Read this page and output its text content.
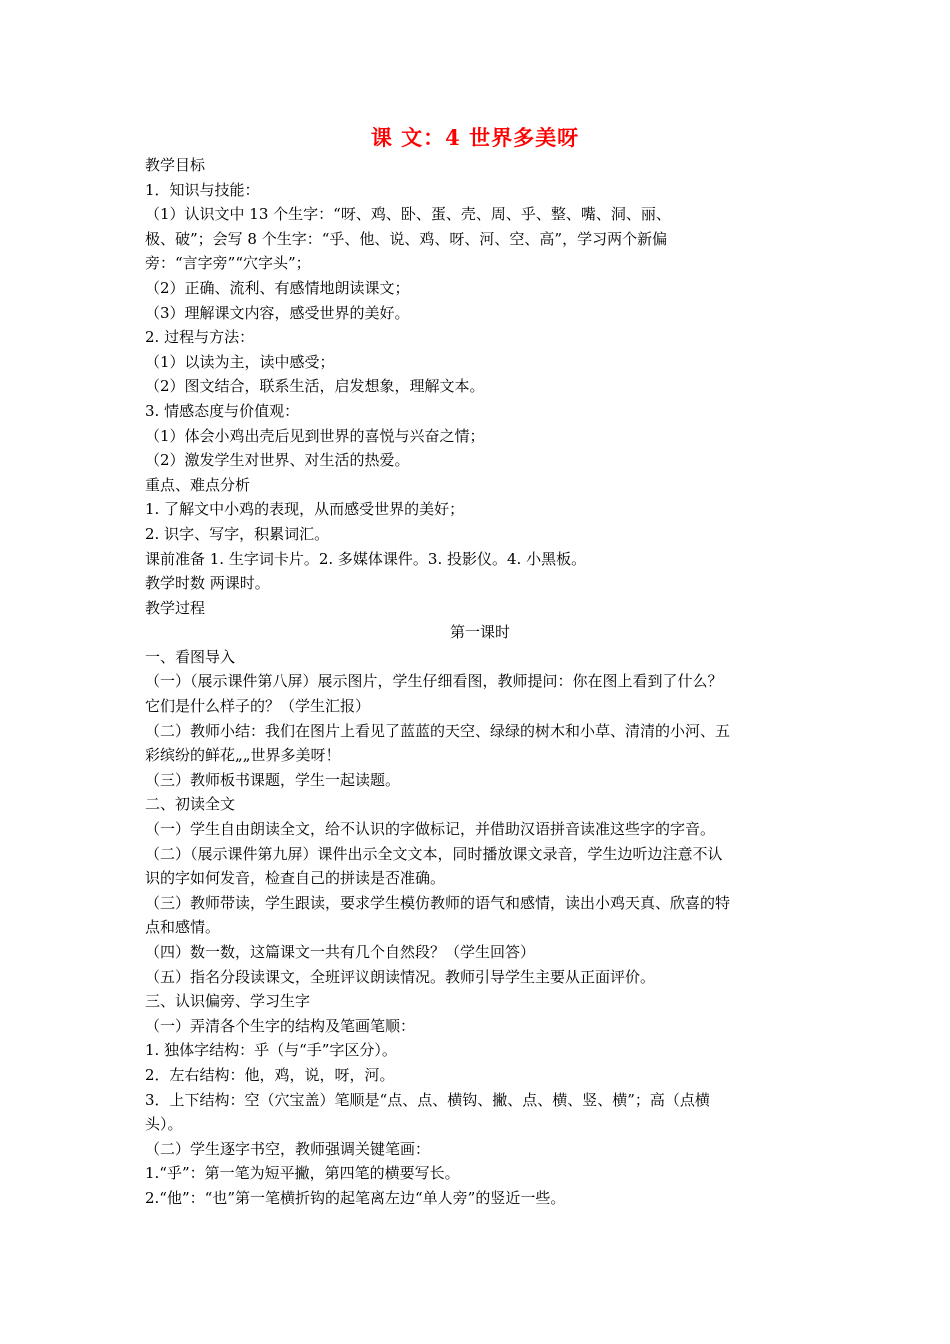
课 文：4 世界多美呀
教学目标
1．知识与技能：
（1）认识文中 13 个生字：“呀、鸡、卧、蛋、壳、周、乎、整、嘴、洞、丽、
极、破”；会写 8 个生字：“乎、他、说、鸡、呀、河、空、高”，学习两个新偏
旁：“言字旁”“穴字头”；
（2）正确、流利、有感情地朗读课文；
（3）理解课文内容，感受世界的美好。
2. 过程与方法：
（1）以读为主，读中感受；
（2）图文结合，联系生活，启发想象，理解文本。
3. 情感态度与价值观：
（1）体会小鸡出壳后见到世界的喜悦与兴奋之情；
（2）激发学生对世界、对生活的热爱。
重点、难点分析
1. 了解文中小鸡的表现，从而感受世界的美好；
2. 识字、写字，积累词汇。
课前准备 1. 生字词卡片。2. 多媒体课件。3. 投影仪。4. 小黑板。
教学时数 两课时。
教学过程
第一课时
一、看图导入
（一）（展示课件第八屏）展示图片，学生仔细看图，教师提问：你在图上看到了什么？
它们是什么样子的？（学生汇报）
（二）教师小结：我们在图片上看见了蓝蓝的天空、绿绿的树木和小草、清清的小河、五
彩缤纷的鲜花„„世界多美呀！
（三）教师板书课题，学生一起读题。
二、初读全文
（一）学生自由朗读全文，给不认识的字做标记，并借助汉语拼音读准这些字的字音。
（二）（展示课件第九屏）课件出示全文文本，同时播放课文录音，学生边听边注意不认
识的字如何发音，检查自己的拼读是否准确。
（三）教师带读，学生跟读，要求学生模仿教师的语气和感情，读出小鸡天真、欣喜的特
点和感情。
（四）数一数，这篇课文一共有几个自然段？（学生回答）
（五）指名分段读课文，全班评议朗读情况。教师引导学生主要从正面评价。
三、认识偏旁、学习生字
（一）弄清各个生字的结构及笔画笔顺：
1. 独体字结构：乎（与“手”字区分）。
2．左右结构：他，鸡，说，呀，河。
3．上下结构：空（穴宝盖）笔顺是“点、点、横钩、撇、点、横、竖、横”；高（点横
头）。
（二）学生逐字书空，教师强调关键笔画：
1.“乎”：第一笔为短平撇，第四笔的横要写长。
2.“他”：“也”第一笔横折钩的起笔离左边“单人旁”的竖近一些。
